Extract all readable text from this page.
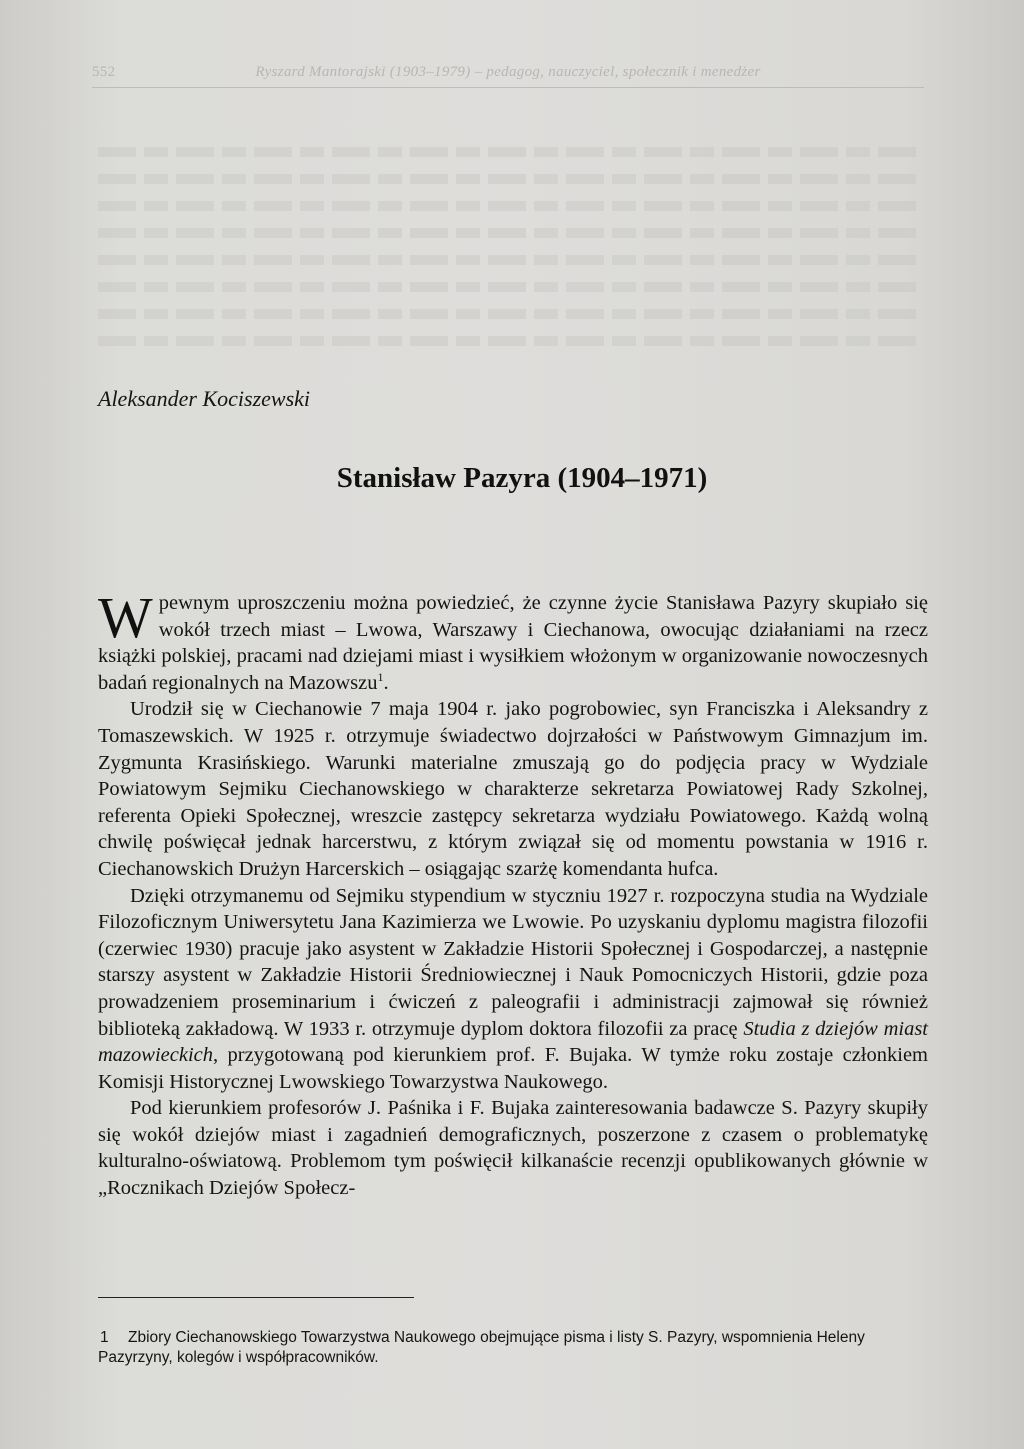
552	Ryszard Mantorajski (1903–1979) – pedagog, nauczyciel, społecznik i menedżer
Aleksander Kociszewski
Stanisław Pazyra (1904–1971)

Wpewnym uproszczeniu można powiedzieć, że czynne życie Stanisława Pazyry skupiało się wokół trzech miast – Lwowa, Warszawy i Ciechanowa, owocując działaniami na rzecz książki polskiej, pracami nad dziejami miast i wysiłkiem włożonym w organizowanie nowoczesnych badań regionalnych na Mazowszu$^1$.

Urodził się w Ciechanowie 7 maja 1904 r. jako pogrobowiec, syn Franciszka i Aleksandry z Tomaszewskich. W 1925 r. otrzymuje świadectwo dojrzałości w Państwowym Gimnazjum im. Zygmunta Krasińskiego. Warunki materialne zmuszają go do podjęcia pracy w Wydziale Powiatowym Sejmiku Ciechanowskiego w charakterze sekretarza Powiatowej Rady Szkolnej, referenta Opieki Społecznej, wreszcie zastępcy sekretarza wydziału Powiatowego. Każdą wolną chwilę poświęcał jednak harcerstwu, z którym związał się od momentu powstania w 1916 r. Ciechanowskich Drużyn Harcerskich – osiągając szarżę komendanta hufca.

Dzięki otrzymanemu od Sejmiku stypendium w styczniu 1927 r. rozpoczyna studia na Wydziale Filozoficznym Uniwersytetu Jana Kazimierza we Lwowie. Po uzyskaniu dyplomu magistra filozofii (czerwiec 1930) pracuje jako asystent w Zakładzie Historii Społecznej i Gospodarczej, a następnie starszy asystent w Zakładzie Historii Średniowiecznej i Nauk Pomocniczych Historii, gdzie poza prowadzeniem proseminarium i ćwiczeń z paleografii i administracji zajmował się również biblioteką zakładową. W 1933 r. otrzymuje dyplom doktora filozofii za pracę Studia z dziejów miast mazowieckich, przygotowaną pod kierunkiem prof. F. Bujaka. W tymże roku zostaje członkiem Komisji Historycznej Lwowskiego Towarzystwa Naukowego.

Pod kierunkiem profesorów J. Paśnika i F. Bujaka zainteresowania badawcze S. Pazyry skupiły się wokół dziejów miast i zagadnień demograficznych, poszerzone z czasem o problematykę kulturalno-oświatową. Problemom tym poświęcił kilkanaście recenzji opublikowanych głównie w „Rocznikach Dziejów Społecz-

1	Zbiory Ciechanowskiego Towarzystwa Naukowego obejmujące pisma i listy S. Pazyry, wspomnienia Heleny Pazyrzyny, kolegów i współpracowników.
